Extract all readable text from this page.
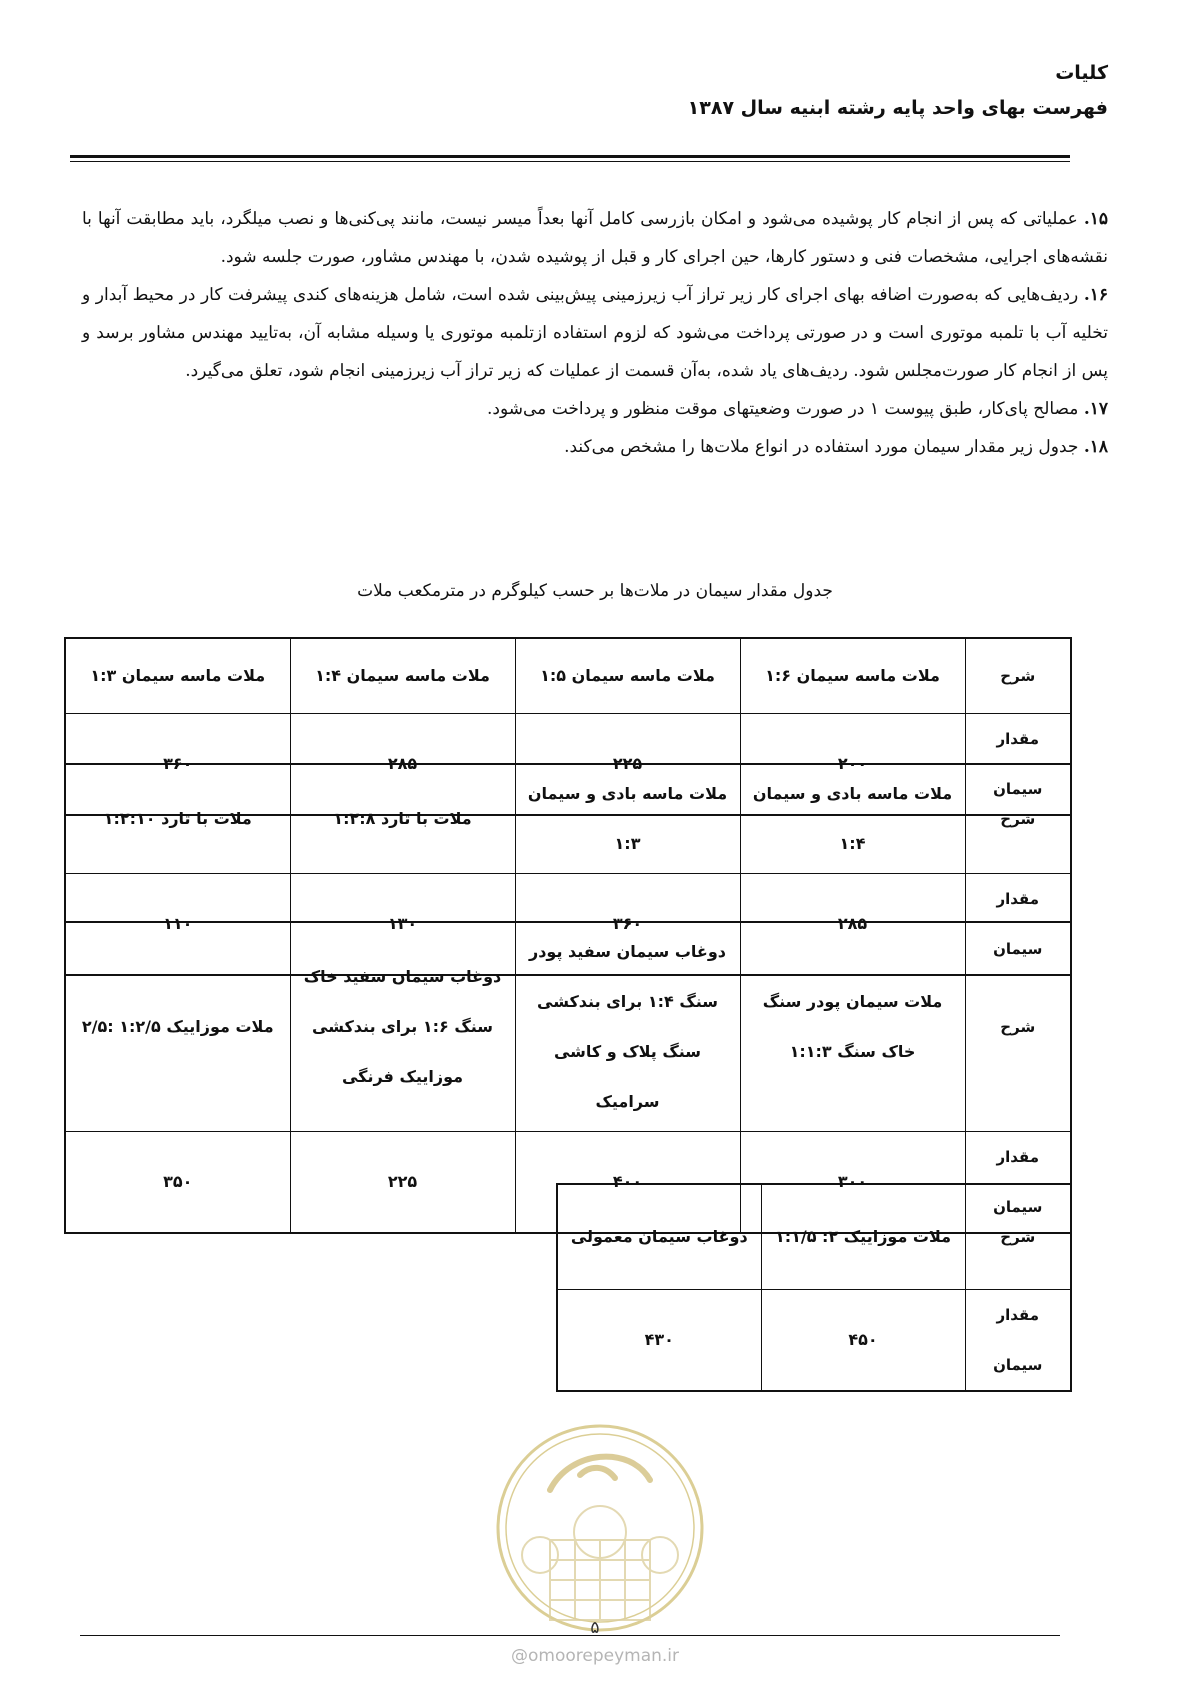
کلیات
فهرست بهای واحد پایه رشته ابنیه سال ۱۳۸۷

۱۵. عملیاتی که پس از انجام کار پوشیده می‌شود و امکان بازرسی کامل آنها بعداً میسر نیست، مانند پی‌کنی‌ها و نصب میلگرد، باید مطابقت آنها با نقشه‌های اجرایی، مشخصات فنی و دستور کارها، حین اجرای کار و قبل از پوشیده شدن، با مهندس مشاور، صورت جلسه شود.

۱۶. ردیف‌هایی که به‌صورت اضافه بهای اجرای کار زیر تراز آب زیرزمینی پیش‌بینی شده است، شامل هزینه‌های کندی پیشرفت کار در محیط آبدار و تخلیه آب با تلمبه موتوری است و در صورتی پرداخت می‌شود که لزوم استفاده ازتلمبه موتوری یا وسیله مشابه آن، به‌تایید مهندس مشاور برسد و پس از انجام کار صورت‌مجلس شود. ردیف‌های یاد شده، به‌آن قسمت از عملیات که زیر تراز آب زیرزمینی انجام شود، تعلق می‌گیرد.

۱۷. مصالح پای‌کار، طبق پیوست ۱ در صورت وضعیتهای موقت منظور و پرداخت می‌شود.

۱۸. جدول زیر مقدار سیمان مورد استفاده در انواع ملات‌ها را مشخص می‌کند.

جدول مقدار سیمان در ملات‌ها بر حسب کیلوگرم در مترمکعب ملات
شرح	ملات ماسه سیمان ۱:۶	ملات ماسه سیمان ۱:۵	ملات ماسه سیمان ۱:۴	ملات ماسه سیمان ۱:۳
مقدار سیمان	۲۰۰	۲۲۵	۲۸۵	۳۶۰
شرح	ملات ماسه بادی و سیمان ۱:۴	ملات ماسه بادی و سیمان ۱:۳	ملات با تارد ۱:۲:۸	ملات با تارد ۱:۲:۱۰
مقدار سیمان	۲۸۵	۳۶۰	۱۳۰	۱۱۰
شرح	ملات سیمان پودر سنگ خاک سنگ ۱:۱:۳	دوغاب سیمان سفید پودر سنگ ۱:۴ برای بندکشی سنگ پلاک و کاشی سرامیک	دوغاب سیمان سفید خاک سنگ ۱:۶ برای بندکشی موزاییک فرنگی	ملات موزاییک ۱:۲/۵ :۲/۵
مقدار سیمان	۳۰۰	۴۰۰	۲۲۵	۳۵۰
شرح	ملات موزاییک ۲: ۱:۱/۵	دوغاب سیمان معمولی
مقدار سیمان	۴۵۰	۴۳۰
۵
@omoorepeyman.ir
